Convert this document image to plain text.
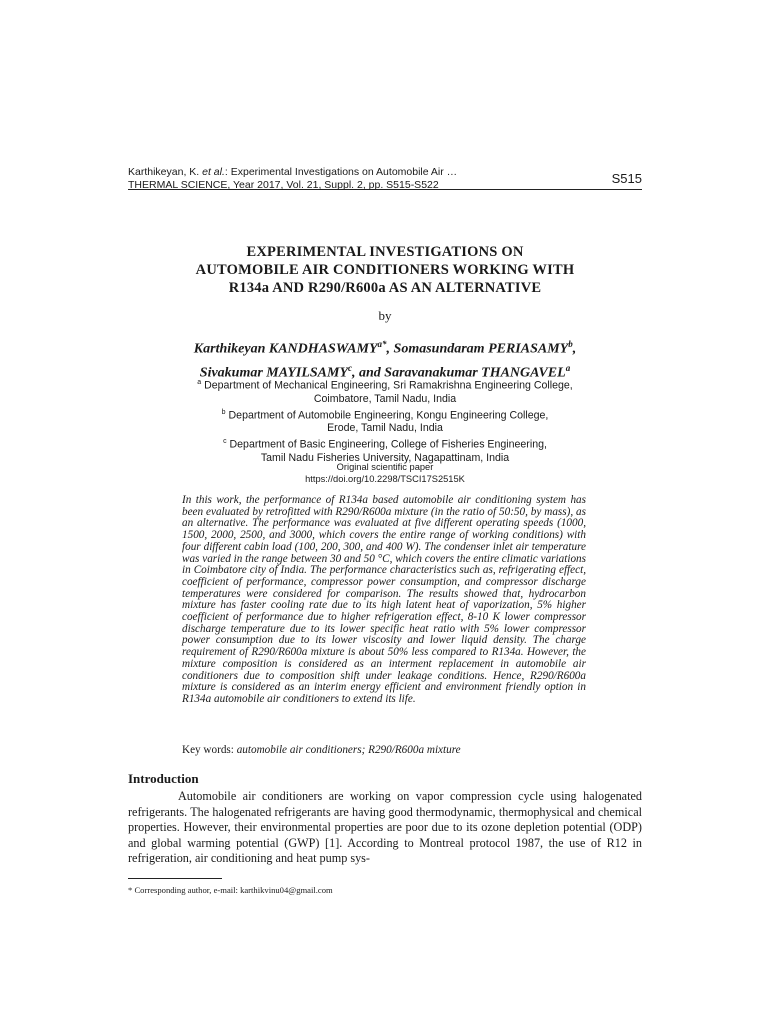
Karthikeyan, K. et al.: Experimental Investigations on Automobile Air …
THERMAL SCIENCE, Year 2017, Vol. 21, Suppl. 2, pp. S515-S522	S515
EXPERIMENTAL INVESTIGATIONS ON
AUTOMOBILE AIR CONDITIONERS WORKING WITH
R134a AND R290/R600a AS AN ALTERNATIVE
by
Karthikeyan $KANDHASWAMY^{a*}$, Somasundaram PERIASAMY$^b$,
Sivakumar MAYILSAMY$^c$, and Saravanakumar THANGAVEL$^a$
$^a$ Department of Mechanical Engineering, Sri Ramakrishna Engineering College,
Coimbatore, Tamil Nadu, India
$^b$ Department of Automobile Engineering, Kongu Engineering College,
Erode, Tamil Nadu, India
$^c$ Department of Basic Engineering, College of Fisheries Engineering,
Tamil Nadu Fisheries University, Nagapattinam, India
Original scientific paper
https://doi.org/10.2298/TSCI17S2515K

In this work, the performance of R134a based automobile air conditioning system has been evaluated by retrofitted with R290/R600a mixture (in the ratio of 50:50, by mass), as an alternative. The performance was evaluated at five different operating speeds (1000, 1500, 2000, 2500, and 3000, which covers the entire range of working conditions) with four different cabin load (100, 200, 300, and 400 W). The condenser inlet air temperature was varied in the range between 30 and 50 °C, which covers the entire climatic variations in Coimbatore city of India. The performance characteristics such as, refrigerating effect, coefficient of performance, compressor power consumption, and compressor discharge temperatures were considered for comparison. The results showed that, hydrocarbon mixture has faster cooling rate due to its high latent heat of vaporization, 5% higher coefficient of performance due to higher refrigeration effect, 8-10 K lower compressor discharge temperature due to its lower specific heat ratio with 5% lower compressor power consumption due to its lower viscosity and lower liquid density. The charge requirement of R290/R600a mixture is about 50% less compared to R134a. However, the mixture composition is considered as an interment replacement in automobile air conditioners due to composition shift under leakage conditions. Hence, R290/R600a mixture is considered as an interim energy efficient and environment friendly option in R134a automobile air conditioners to extend its life.

Key words: automobile air conditioners; R290/R600a mixture
Introduction

Automobile air conditioners are working on vapor compression cycle using halogenated refrigerants. The halogenated refrigerants are having good thermodynamic, thermophysical and chemical properties. However, their environmental properties are poor due to its ozone depletion potential (ODP) and global warming potential (GWP) [1]. According to Montreal protocol 1987, the use of R12 in refrigeration, air conditioning and heat pump sys-

* Corresponding author, e-mail: karthikvinu04@gmail.com
